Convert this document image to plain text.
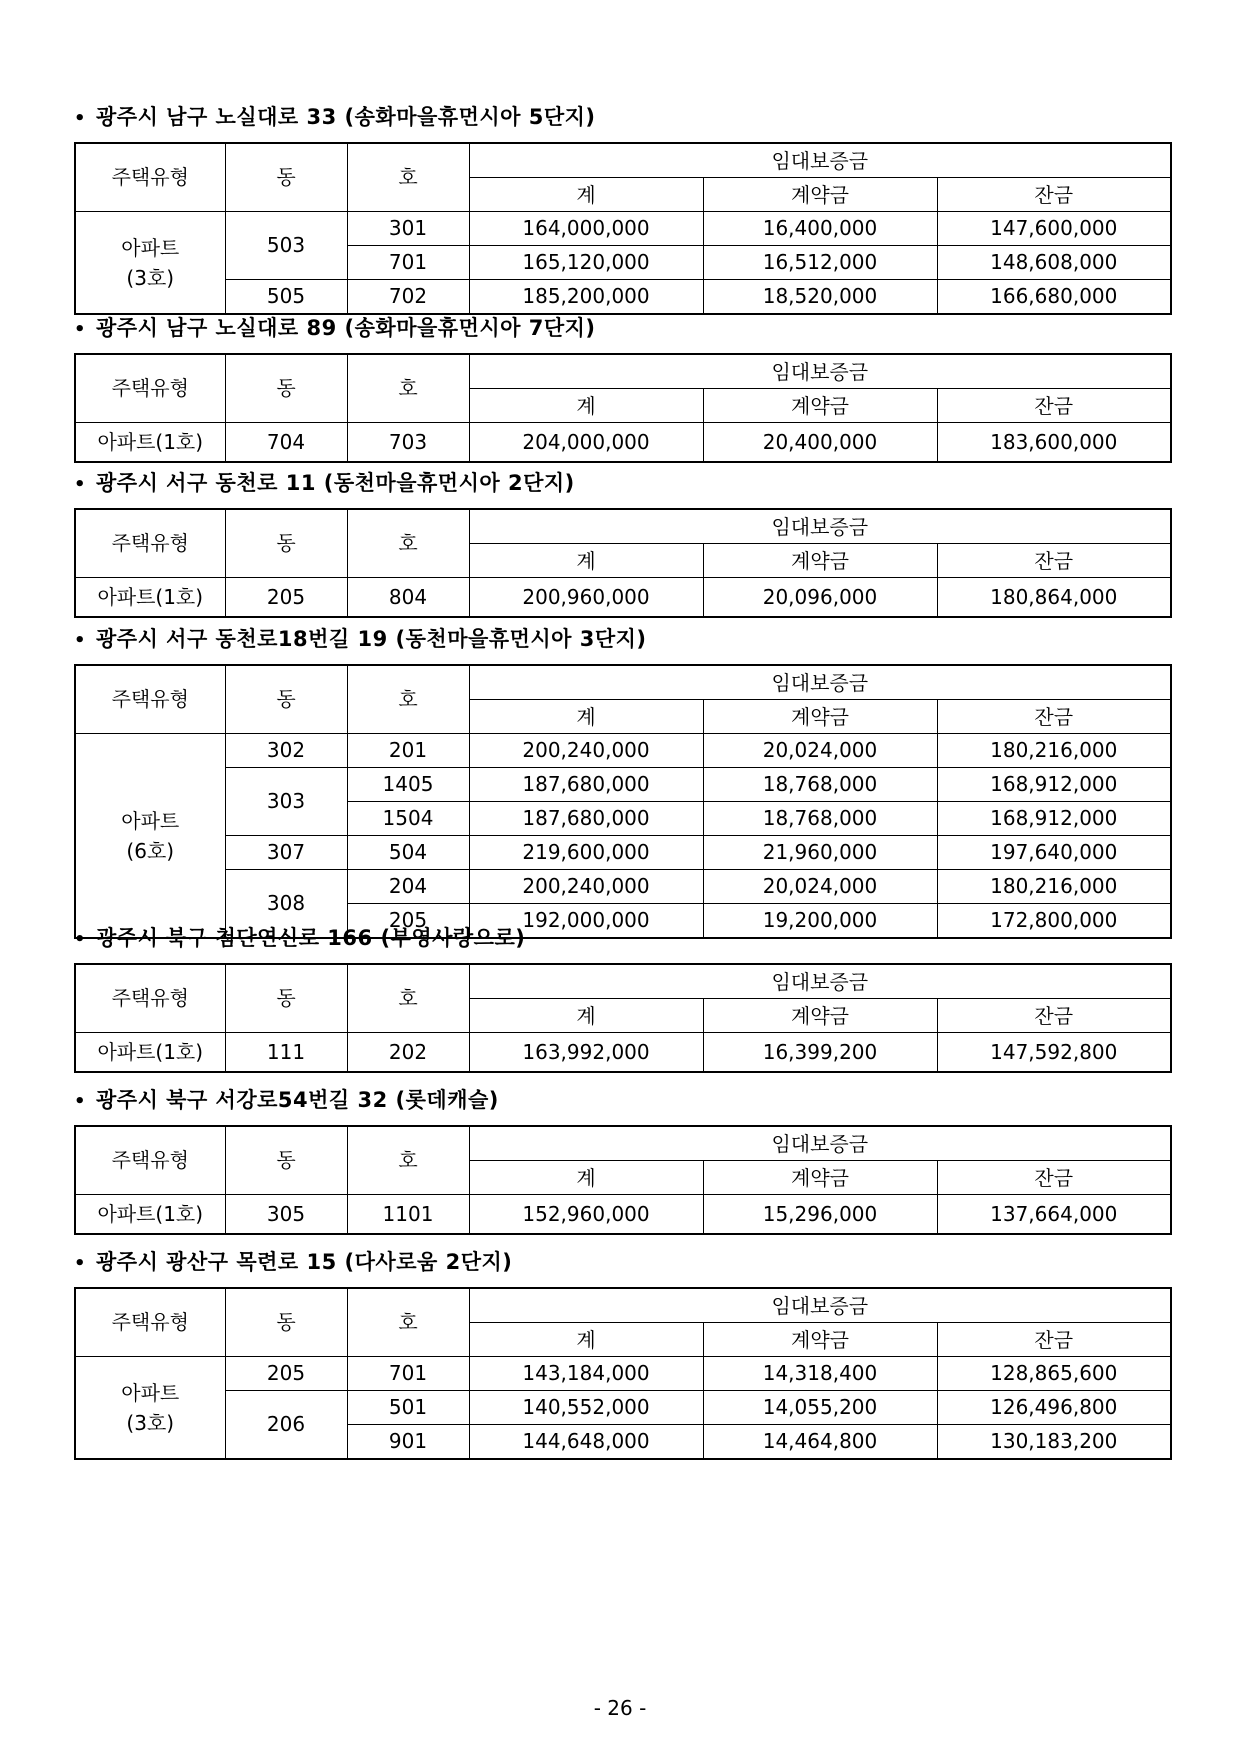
• 광주시 남구 노실대로 33 (송화마을휴먼시아 5단지)
주택유형	동	호	임대보증금		
			계	계약금	잔금
아파트
(3호)	503	301	164,000,000	16,400,000	147,600,000
		701	165,120,000	16,512,000	148,608,000
	505	702	185,200,000	18,520,000	166,680,000
• 광주시 남구 노실대로 89 (송화마을휴먼시아 7단지)
주택유형	동	호	임대보증금		
			계	계약금	잔금
아파트(1호)	704	703	204,000,000	20,400,000	183,600,000
• 광주시 서구 동천로 11 (동천마을휴먼시아 2단지)
주택유형	동	호	임대보증금		
			계	계약금	잔금
아파트(1호)	205	804	200,960,000	20,096,000	180,864,000
• 광주시 서구 동천로18번길 19 (동천마을휴먼시아 3단지)
주택유형	동	호	임대보증금		
			계	계약금	잔금
아파트
(6호)	302	201	200,240,000	20,024,000	180,216,000
	303	1405	187,680,000	18,768,000	168,912,000
		1504	187,680,000	18,768,000	168,912,000
	307	504	219,600,000	21,960,000	197,640,000
	308	204	200,240,000	20,024,000	180,216,000
		205	192,000,000	19,200,000	172,800,000
• 광주시 북구 첨단연신로 166 (부영사랑으로)
주택유형	동	호	임대보증금		
			계	계약금	잔금
아파트(1호)	111	202	163,992,000	16,399,200	147,592,800
• 광주시 북구 서강로54번길 32 (롯데캐슬)
주택유형	동	호	임대보증금		
			계	계약금	잔금
아파트(1호)	305	1101	152,960,000	15,296,000	137,664,000
• 광주시 광산구 목련로 15 (다사로움 2단지)
주택유형	동	호	임대보증금		
			계	계약금	잔금
아파트
(3호)	205	701	143,184,000	14,318,400	128,865,600
	206	501	140,552,000	14,055,200	126,496,800
		901	144,648,000	14,464,800	130,183,200
- 26 -
